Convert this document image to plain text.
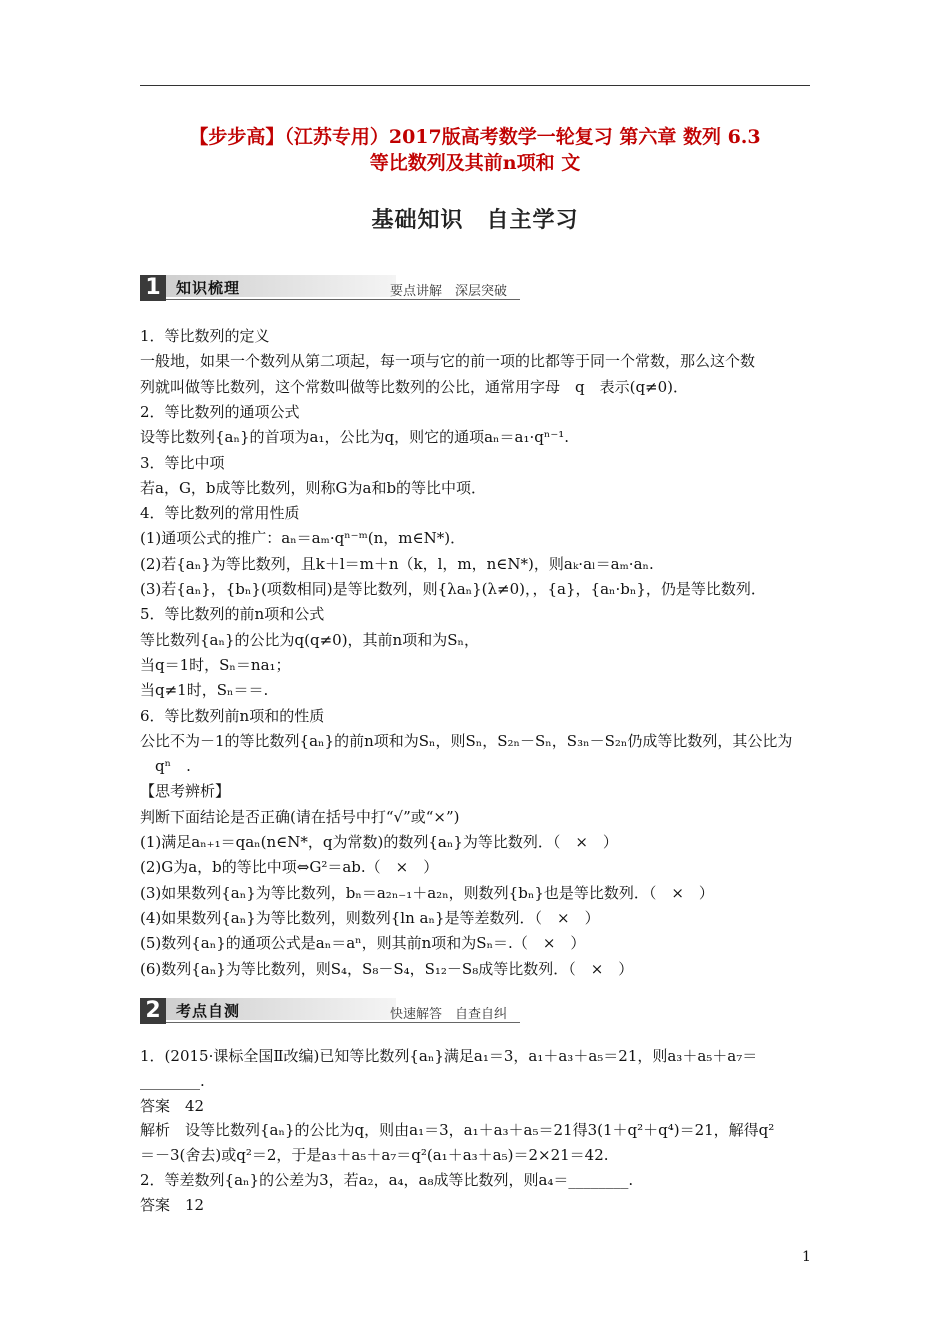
【步步高】（江苏专用）2017版高考数学一轮复习 第六章 数列 6.3
等比数列及其前n项和 文
基础知识　自主学习
1	知识梳理	要点讲解　深层突破
1．等比数列的定义
一般地，如果一个数列从第二项起，每一项与它的前一项的比都等于同一个常数，那么这个数
列就叫做等比数列，这个常数叫做等比数列的公比，通常用字母　q　表示(q≠0)．
2．等比数列的通项公式
设等比数列{aₙ}的首项为a₁，公比为q，则它的通项aₙ＝a₁·qⁿ⁻¹.
3．等比中项
若a，G，b成等比数列，则称G为a和b的等比中项．
4．等比数列的常用性质
(1)通项公式的推广：aₙ＝aₘ·qⁿ⁻ᵐ(n，m∈N*)．
(2)若{aₙ}为等比数列，且k＋l＝m＋n（k，l，m，n∈N*)，则aₖ·aₗ＝aₘ·aₙ.
(3)若{aₙ}，{bₙ}(项数相同)是等比数列，则{λaₙ}(λ≠0)，，{a}，{aₙ·bₙ}，仍是等比数列．
5．等比数列的前n项和公式
等比数列{aₙ}的公比为q(q≠0)，其前n项和为Sₙ，
当q＝1时，Sₙ＝na₁；
当q≠1时，Sₙ＝＝.
6．等比数列前n项和的性质
公比不为－1的等比数列{aₙ}的前n项和为Sₙ，则Sₙ，S₂ₙ－Sₙ，S₃ₙ－S₂ₙ仍成等比数列，其公比为
　qⁿ　.
【思考辨析】
判断下面结论是否正确(请在括号中打“√”或“×”)
(1)满足aₙ₊₁＝qaₙ(n∈N*，q为常数)的数列{aₙ}为等比数列．（　×　）
(2)G为a，b的等比中项⇔G²＝ab.（　×　）
(3)如果数列{aₙ}为等比数列，bₙ＝a₂ₙ₋₁＋a₂ₙ，则数列{bₙ}也是等比数列．（　×　）
(4)如果数列{aₙ}为等比数列，则数列{ln aₙ}是等差数列．（　×　）
(5)数列{aₙ}的通项公式是aₙ＝aⁿ，则其前n项和为Sₙ＝.（　×　）
(6)数列{aₙ}为等比数列，则S₄，S₈－S₄，S₁₂－S₈成等比数列．（　×　）
2	考点自测	快速解答　自查自纠
1．(2015·课标全国Ⅱ改编)已知等比数列{aₙ}满足a₁＝3，a₁＋a₃＋a₅＝21，则a₃＋a₅＋a₇＝
________.
答案　42
解析　设等比数列{aₙ}的公比为q，则由a₁＝3，a₁＋a₃＋a₅＝21得3(1＋q²＋q⁴)＝21，解得q²
＝－3(舍去)或q²＝2，于是a₃＋a₅＋a₇＝q²(a₁＋a₃＋a₅)＝2×21＝42.
2．等差数列{aₙ}的公差为3，若a₂，a₄，a₈成等比数列，则a₄＝________.
答案　12
1
